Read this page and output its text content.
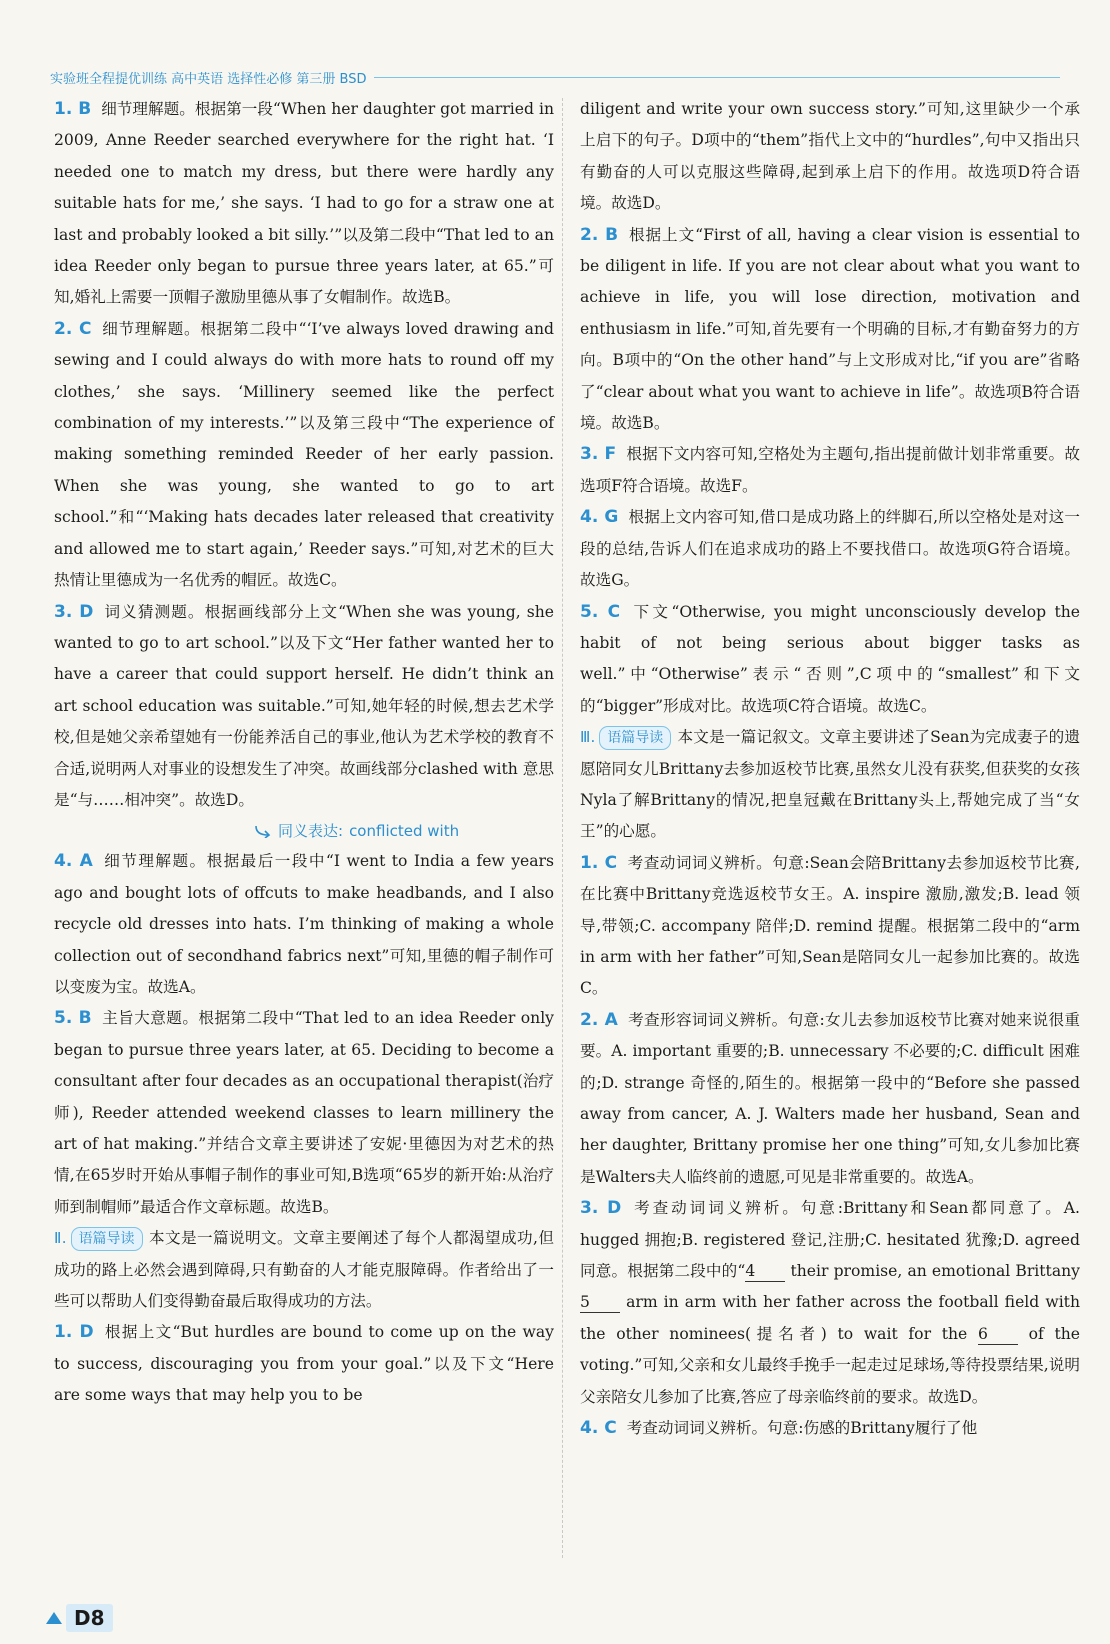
实验班全程提优训练 高中英语 选择性必修 第三册 BSD

1. B 细节理解题。根据第一段“When her daughter got married in 2009, Anne Reeder searched everywhere for the right hat. ‘I needed one to match my dress, but there were hardly any suitable hats for me,’ she says. ‘I had to go for a straw one at last and probably looked a bit silly.’”以及第二段中“That led to an idea Reeder only began to pursue three years later, at 65.”可知,婚礼上需要一顶帽子激励里德从事了女帽制作。故选B。

2. C 细节理解题。根据第二段中“‘I’ve always loved drawing and sewing and I could always do with more hats to round off my clothes,’ she says. ‘Millinery seemed like the perfect combination of my interests.’”以及第三段中“The experience of making something reminded Reeder of her early passion. When she was young, she wanted to go to art school.”和“‘Making hats decades later released that creativity and allowed me to start again,’ Reeder says.”可知,对艺术的巨大热情让里德成为一名优秀的帽匠。故选C。

3. D 词义猜测题。根据画线部分上文“When she was young, she wanted to go to art school.”以及下文“Her father wanted her to have a career that could support herself. He didn’t think an art school education was suitable.”可知,她年轻的时候,想去艺术学校,但是她父亲希望她有一份能养活自己的事业,他认为艺术学校的教育不合适,说明两人对事业的设想发生了冲突。故画线部分clashed with 意思是“与……相冲突”。故选D。

同义表达: conflicted with

4. A 细节理解题。根据最后一段中“I went to India a few years ago and bought lots of offcuts to make headbands, and I also recycle old dresses into hats. I’m thinking of making a whole collection out of secondhand fabrics next”可知,里德的帽子制作可以变废为宝。故选A。

5. B 主旨大意题。根据第二段中“That led to an idea Reeder only began to pursue three years later, at 65. Deciding to become a consultant after four decades as an occupational therapist(治疗师), Reeder attended weekend classes to learn millinery the art of hat making.”并结合文章主要讲述了安妮·里德因为对艺术的热情,在65岁时开始从事帽子制作的事业可知,B选项“65岁的新开始:从治疗师到制帽师”最适合作文章标题。故选B。

Ⅱ. 语篇导读 本文是一篇说明文。文章主要阐述了每个人都渴望成功,但成功的路上必然会遇到障碍,只有勤奋的人才能克服障碍。作者给出了一些可以帮助人们变得勤奋最后取得成功的方法。

1. D 根据上文“But hurdles are bound to come up on the way to success, discouraging you from your goal.”以及下文“Here are some ways that may help you to be

diligent and write your own success story.”可知,这里缺少一个承上启下的句子。D项中的“them”指代上文中的“hurdles”,句中又指出只有勤奋的人可以克服这些障碍,起到承上启下的作用。故选项D符合语境。故选D。

2. B 根据上文“First of all, having a clear vision is essential to be diligent in life. If you are not clear about what you want to achieve in life, you will lose direction, motivation and enthusiasm in life.”可知,首先要有一个明确的目标,才有勤奋努力的方向。B项中的“On the other hand”与上文形成对比,“if you are”省略了“clear about what you want to achieve in life”。故选项B符合语境。故选B。

3. F 根据下文内容可知,空格处为主题句,指出提前做计划非常重要。故选项F符合语境。故选F。

4. G 根据上文内容可知,借口是成功路上的绊脚石,所以空格处是对这一段的总结,告诉人们在追求成功的路上不要找借口。故选项G符合语境。故选G。

5. C 下文“Otherwise, you might unconsciously develop the habit of not being serious about bigger tasks as well.”中“Otherwise”表示“否则”,C项中的“smallest”和下文的“bigger”形成对比。故选项C符合语境。故选C。

Ⅲ. 语篇导读 本文是一篇记叙文。文章主要讲述了Sean为完成妻子的遗愿陪同女儿Brittany去参加返校节比赛,虽然女儿没有获奖,但获奖的女孩Nyla了解Brittany的情况,把皇冠戴在Brittany头上,帮她完成了当“女王”的心愿。

1. C 考查动词词义辨析。句意:Sean会陪Brittany去参加返校节比赛,在比赛中Brittany竞选返校节女王。A. inspire 激励,激发;B. lead 领导,带领;C. accompany 陪伴;D. remind 提醒。根据第二段中的“arm in arm with her father”可知,Sean是陪同女儿一起参加比赛的。故选C。

2. A 考查形容词词义辨析。句意:女儿去参加返校节比赛对她来说很重要。A. important 重要的;B. unnecessary 不必要的;C. difficult 困难的;D. strange 奇怪的,陌生的。根据第一段中的“Before she passed away from cancer, A. J. Walters made her husband, Sean and her daughter, Brittany promise her one thing”可知,女儿参加比赛是Walters夫人临终前的遗愿,可见是非常重要的。故选A。

3. D 考查动词词义辨析。句意:Brittany和Sean都同意了。A. hugged 拥抱;B. registered 登记,注册;C. hesitated 犹豫;D. agreed 同意。根据第二段中的“4 their promise, an emotional Brittany 5 arm in arm with her father across the football field with the other nominees(提名者) to wait for the 6 of the voting.”可知,父亲和女儿最终手挽手一起走过足球场,等待投票结果,说明父亲陪女儿参加了比赛,答应了母亲临终前的要求。故选D。

4. C 考查动词词义辨析。句意:伤感的Brittany履行了他

D8
